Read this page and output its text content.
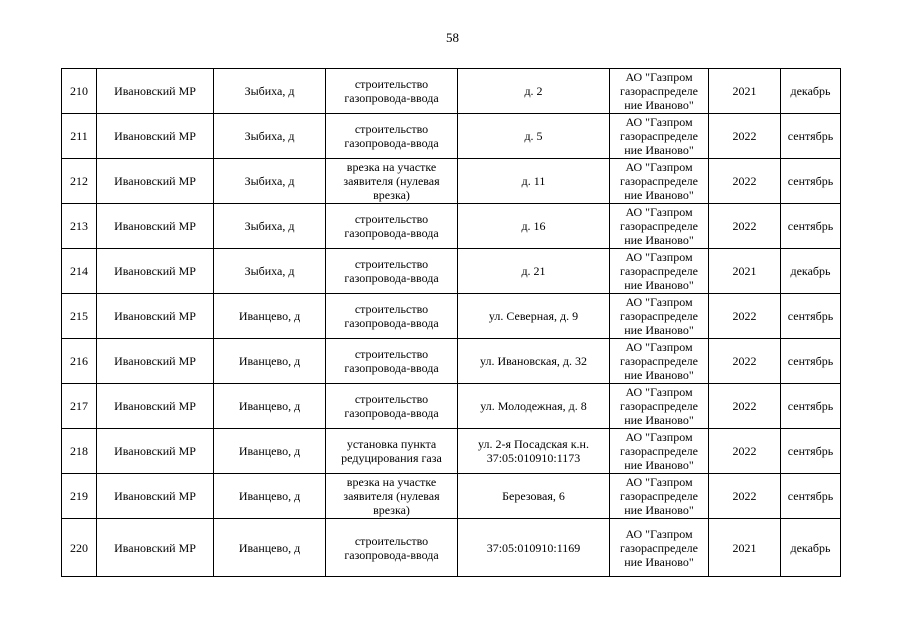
58
210	Ивановский МР	Зыбиха, д	строительство газопровода-ввода	д. 2	АО "Газпром газораспределе ние Иваново"	2021	декабрь
211	Ивановский МР	Зыбиха, д	строительство газопровода-ввода	д. 5	АО "Газпром газораспределе ние Иваново"	2022	сентябрь
212	Ивановский МР	Зыбиха, д	врезка на участке заявителя (нулевая врезка)	д. 11	АО "Газпром газораспределе ние Иваново"	2022	сентябрь
213	Ивановский МР	Зыбиха, д	строительство газопровода-ввода	д. 16	АО "Газпром газораспределе ние Иваново"	2022	сентябрь
214	Ивановский МР	Зыбиха, д	строительство газопровода-ввода	д. 21	АО "Газпром газораспределе ние Иваново"	2021	декабрь
215	Ивановский МР	Иванцево, д	строительство газопровода-ввода	ул. Северная, д. 9	АО "Газпром газораспределе ние Иваново"	2022	сентябрь
216	Ивановский МР	Иванцево, д	строительство газопровода-ввода	ул. Ивановская, д. 32	АО "Газпром газораспределе ние Иваново"	2022	сентябрь
217	Ивановский МР	Иванцево, д	строительство газопровода-ввода	ул. Молодежная, д. 8	АО "Газпром газораспределе ние Иваново"	2022	сентябрь
218	Ивановский МР	Иванцево, д	установка пункта редуцирования газа	ул. 2-я Посадская к.н. 37:05:010910:1173	АО "Газпром газораспределе ние Иваново"	2022	сентябрь
219	Ивановский МР	Иванцево, д	врезка на участке заявителя (нулевая врезка)	Березовая, 6	АО "Газпром газораспределе ние Иваново"	2022	сентябрь
220	Ивановский МР	Иванцево, д	строительство газопровода-ввода	37:05:010910:1169	АО "Газпром газораспределе ние Иваново"	2021	декабрь
